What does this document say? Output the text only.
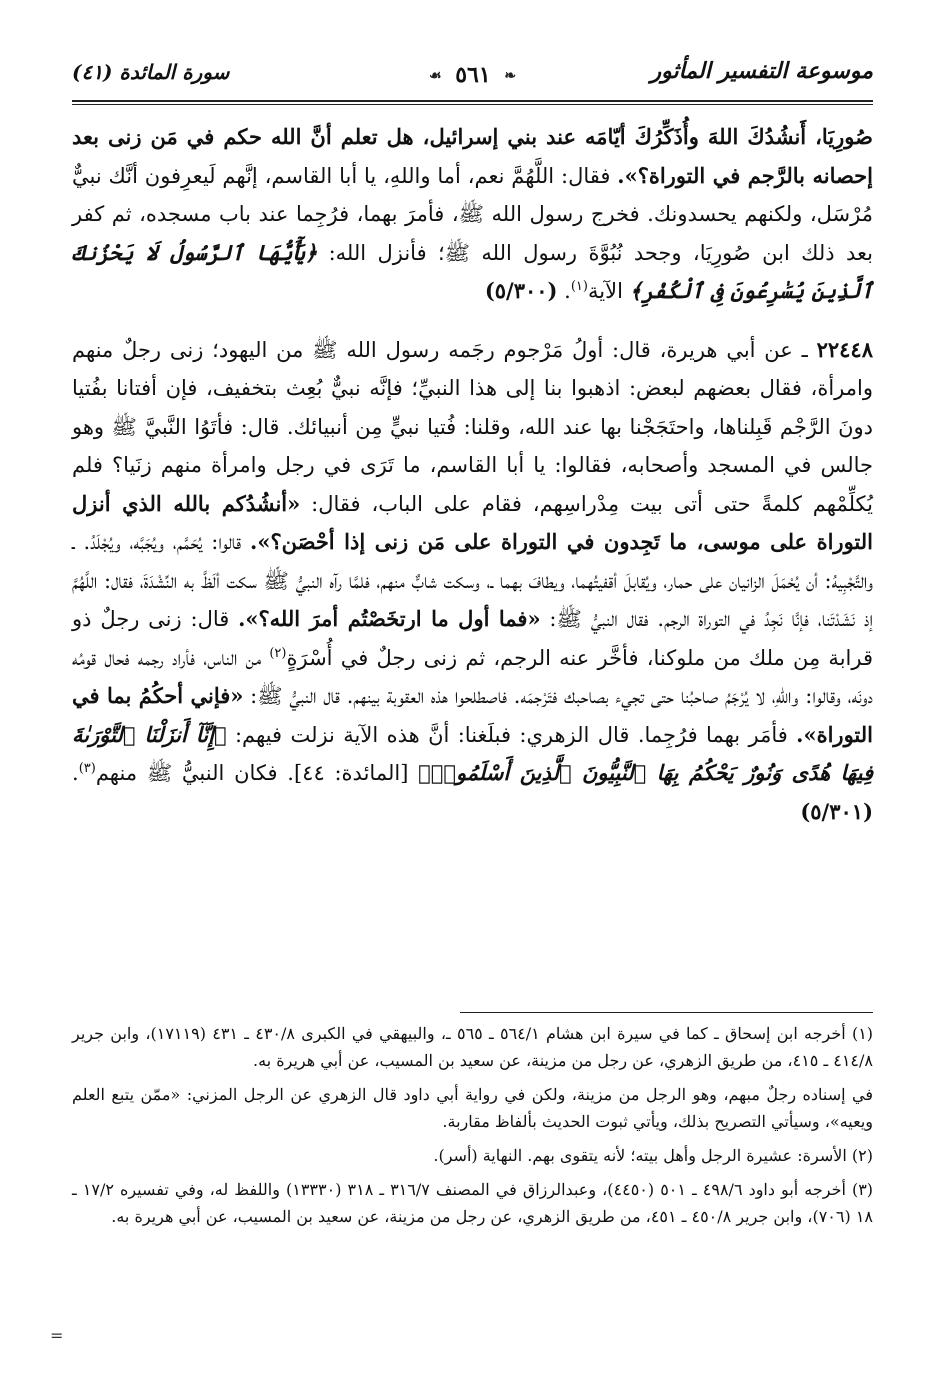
موسوعة التفسير المأثور
❧ ٥٦١ ☙
سورة المائدة (٤١)

صُورِيَا، أَنشُدُكَ اللهَ وأُذَكِّرُكَ أيّامَه عند بني إسرائيل، هل تعلم أنَّ الله حكم في مَن زنى بعد إحصانه بالرَّجم في التوراة؟». فقال: اللَّهُمَّ نعم، أما واللهِ، يا أبا القاسم، إنَّهم لَيعرِفون أنَّك نبيٌّ مُرْسَل، ولكنهم يحسدونك. فخرج رسول الله ﷺ، فأمرَ بهما، فرُجِما عند باب مسجده، ثم كفر بعد ذلك ابن صُورِيَا، وجحد نُبُوَّةَ رسول الله ﷺ؛ فأنزل الله: ﴿يَٰٓأَيُّهَا ٱلرَّسُولُ لَا يَحْزُنكَ ٱلَّذِينَ يُسَٰرِعُونَ فِى ٱلْكُفْرِ﴾ الآية$^{(١)}$. (٥/٣٠٠)

٢٢٤٤٨ ـ عن أبي هريرة، قال: أولُ مَرْجوم رجَمه رسول الله ﷺ من اليهود؛ زنى رجلٌ منهم وامرأة، فقال بعضهم لبعض: اذهبوا بنا إلى هذا النبيِّ؛ فإنَّه نبيٌّ بُعِث بتخفيف، فإن أفتانا بفُتيا دونَ الرَّجْم قَبِلناها، واحتَجَجْنا بها عند الله، وقلنا: فُتيا نبيٍّ مِن أنبيائك. قال: فأتَوُا النَّبيَّ ﷺ وهو جالس في المسجد وأصحابه، فقالوا: يا أبا القاسم، ما تَرَى في رجل وامرأة منهم زنَيا؟ فلم يُكلِّمْهم كلمةً حتى أتى بيت مِدْراسِهم، فقام على الباب، فقال: «أنشُدُكم بالله الذي أنزل التوراة على موسى، ما تَجِدون في التوراة على مَن زنى إذا أحْصَن؟». قالوا: يُحَمَّم، ويُجَبَّه، ويُجْلَدُ. ـ والتَّجْبِيهُ: أن يُحْمَلَ الزانيان على حمار، ويُقابلَ أقفيتُهما، ويطافَ بهما ـ، وسكت شابٌّ منهم، فلمَّا رآه النبيُّ ﷺ سكت ألَظَّ به النِّشْدَةَ، فقال: اللَّهُمَّ إذ نَشَدْتَنا، فإنَّا نَجِدُ في التوراة الرجم. فقال النبيُّ ﷺ: «فما أول ما ارتخَصْتُم أمرَ الله؟». قال: زنى رجلٌ ذو قرابة مِن ملك من ملوكنا، فأخَّر عنه الرجم، ثم زنى رجلٌ في أُسْرَةٍ$^{(٢)}$ من الناس، فأراد رجمه فحال قومُه دونَه، وقالوا: واللهِ، لا يُرْجَمُ صاحبُنا حتى تجيء بصاحبك فتَرْجمَه. فاصطلحوا هذه العقوبة بينهم. قال النبيُّ ﷺ: «فإني أحكُمُ بما في التوراة». فأمَر بهما فرُجِما. قال الزهري: فبلَغنا: أنَّ هذه الآية نزلت فيهم: ﴿إِنَّآ أَنزَلْنَا ٱلتَّوْرَىٰةَ فِيهَا هُدًى وَنُورٌ يَحْكُمُ بِهَا ٱلنَّبِيُّونَ ٱلَّذِينَ أَسْلَمُوا۟﴾ [المائدة: ٤٤]. فكان النبيُّ ﷺ منهم$^{(٣)}$. (٥/٣٠١)

(١) أخرجه ابن إسحاق ـ كما في سيرة ابن هشام ٥٦٤/١ ـ ٥٦٥ ـ، والبيهقي في الكبرى ٤٣٠/٨ ـ ٤٣١ (١٧١١٩)، وابن جرير ٤١٤/٨ ـ ٤١٥، من طريق الزهري، عن رجل من مزينة، عن سعيد بن المسيب، عن أبي هريرة به.

في إسناده رجلٌ مبهم، وهو الرجل من مزينة، ولكن في رواية أبي داود قال الزهري عن الرجل المزني: «ممّن يتبع العلم ويعيه»، وسيأتي التصريح بذلك، ويأتي ثبوت الحديث بألفاظ مقاربة.

(٢) الأسرة: عشيرة الرجل وأهل بيته؛ لأنه يتقوى بهم. النهاية (أسر).

(٣) أخرجه أبو داود ٤٩٨/٦ ـ ٥٠١ (٤٤٥٠)، وعبدالرزاق في المصنف ٣١٦/٧ ـ ٣١٨ (١٣٣٣٠) واللفظ له، وفي تفسيره ١٧/٢ ـ ١٨ (٧٠٦)، وابن جرير ٤٥٠/٨ ـ ٤٥١، من طريق الزهري، عن رجل من مزينة، عن سعيد بن المسيب، عن أبي هريرة به.

=
